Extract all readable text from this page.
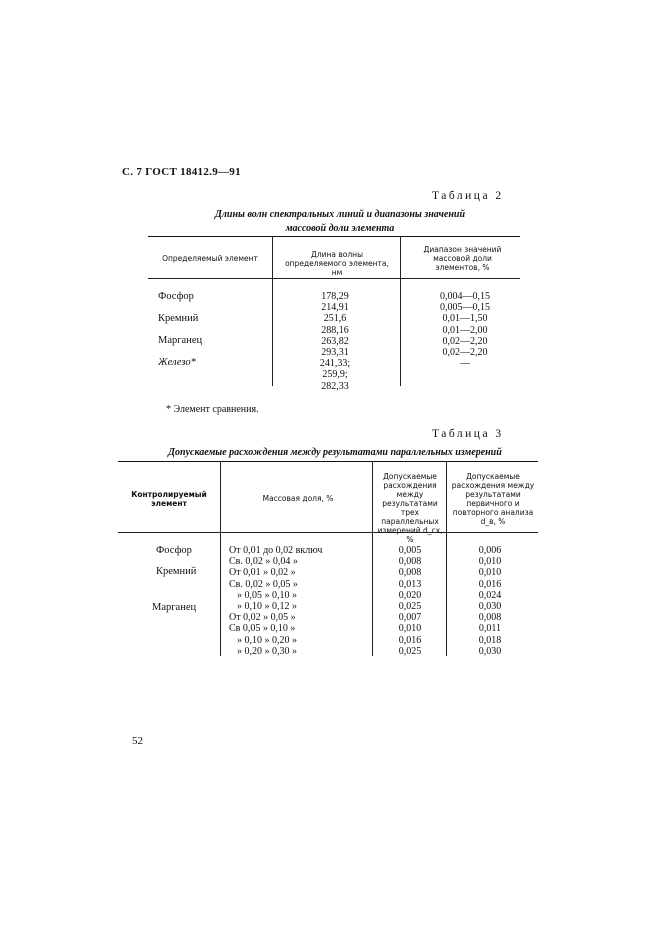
С. 7 ГОСТ 18412.9—91
Таблица 2
Длины волн спектральных линий и диапазоны значений
массовой доли элемента
Определяемый элемент	Длина волны определяемого элемента, нм
Диапазон значений массовой доли элементов, %
Фосфор
Кремний
Марганец
Железо*
178,29
214,91
251,6
288,16
263,82
293,31
241,33;
259,9;
282,33
0,004—0,15
0,005—0,15
0,01—1,50
0,01—2,00
0,02—2,20
0,02—2,20
—
* Элемент сравнения.
Таблица 3
Допускаемые расхождения между результатами параллельных измерений
Контролируемый элемент
Массовая доля, %
Допускаемые расхождения между результатами трех параллельных измерений d_сх, %
Допускаемые расхождения между результатами первичного и повторного анализа d_в, %
Фосфор
Кремний
Марганец
От 0,01 до 0,02 включ
Св. 0,02 » 0,04 »
От 0,01 » 0,02 »
Св. 0,02 » 0,05 »
» 0,05 » 0,10 »
» 0,10 » 0,12 »
От 0,02 » 0,05 »
Св 0,05 » 0,10 »
» 0,10 » 0,20 »
» 0,20 » 0,30 »
0,005
0,008
0,008
0,013
0,020
0,025
0,007
0,010
0,016
0,025
0,006
0,010
0,010
0,016
0,024
0,030
0,008
0,011
0,018
0,030
52
